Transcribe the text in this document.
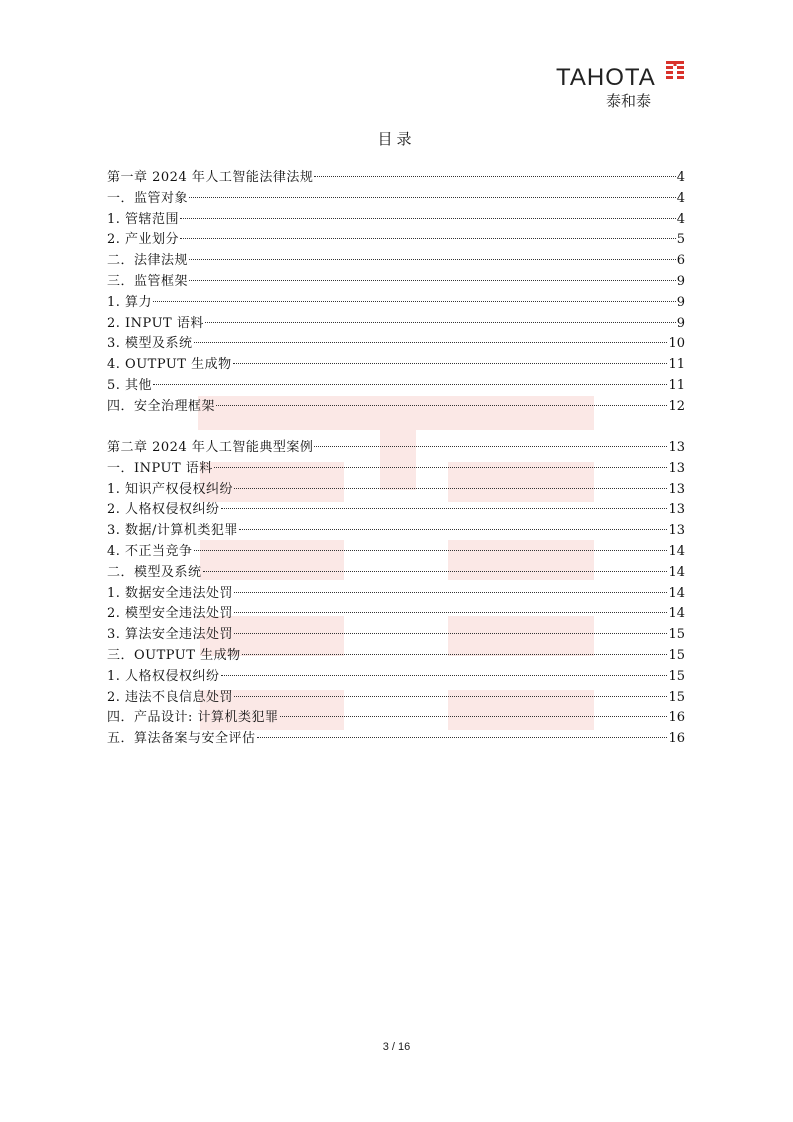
TAHOTA
泰和泰
目录
第一章 2024 年人工智能法律法规	4
一．监管对象	4
1. 管辖范围	4
2. 产业划分	5
二．法律法规	6
三．监管框架	9
1. 算力	9
2. INPUT 语料	9
3. 模型及系统	10
4. OUTPUT 生成物	11
5. 其他	11
四．安全治理框架	12
第二章 2024 年人工智能典型案例	13
一．INPUT 语料	13
1. 知识产权侵权纠纷	13
2. 人格权侵权纠纷	13
3. 数据/计算机类犯罪	13
4. 不正当竞争	14
二．模型及系统	14
1. 数据安全违法处罚	14
2. 模型安全违法处罚	14
3. 算法安全违法处罚	15
三．OUTPUT 生成物	15
1. 人格权侵权纠纷	15
2. 违法不良信息处罚	15
四．产品设计: 计算机类犯罪	16
五．算法备案与安全评估	16
3 / 16
